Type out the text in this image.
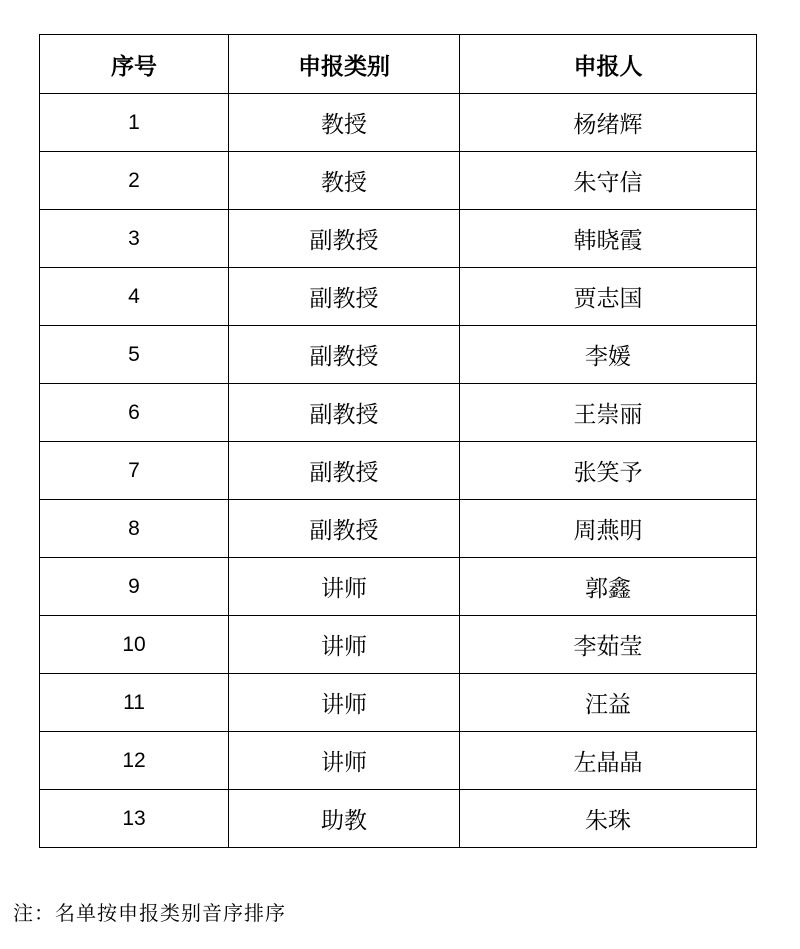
序号	申报类别	申报人
1	教授	杨绪辉
2	教授	朱守信
3	副教授	韩晓霞
4	副教授	贾志国
5	副教授	李媛
6	副教授	王崇丽
7	副教授	张笑予
8	副教授	周燕明
9	讲师	郭鑫
10	讲师	李茹莹
11	讲师	汪益
12	讲师	左晶晶
13	助教	朱珠
注：名单按申报类别音序排序
